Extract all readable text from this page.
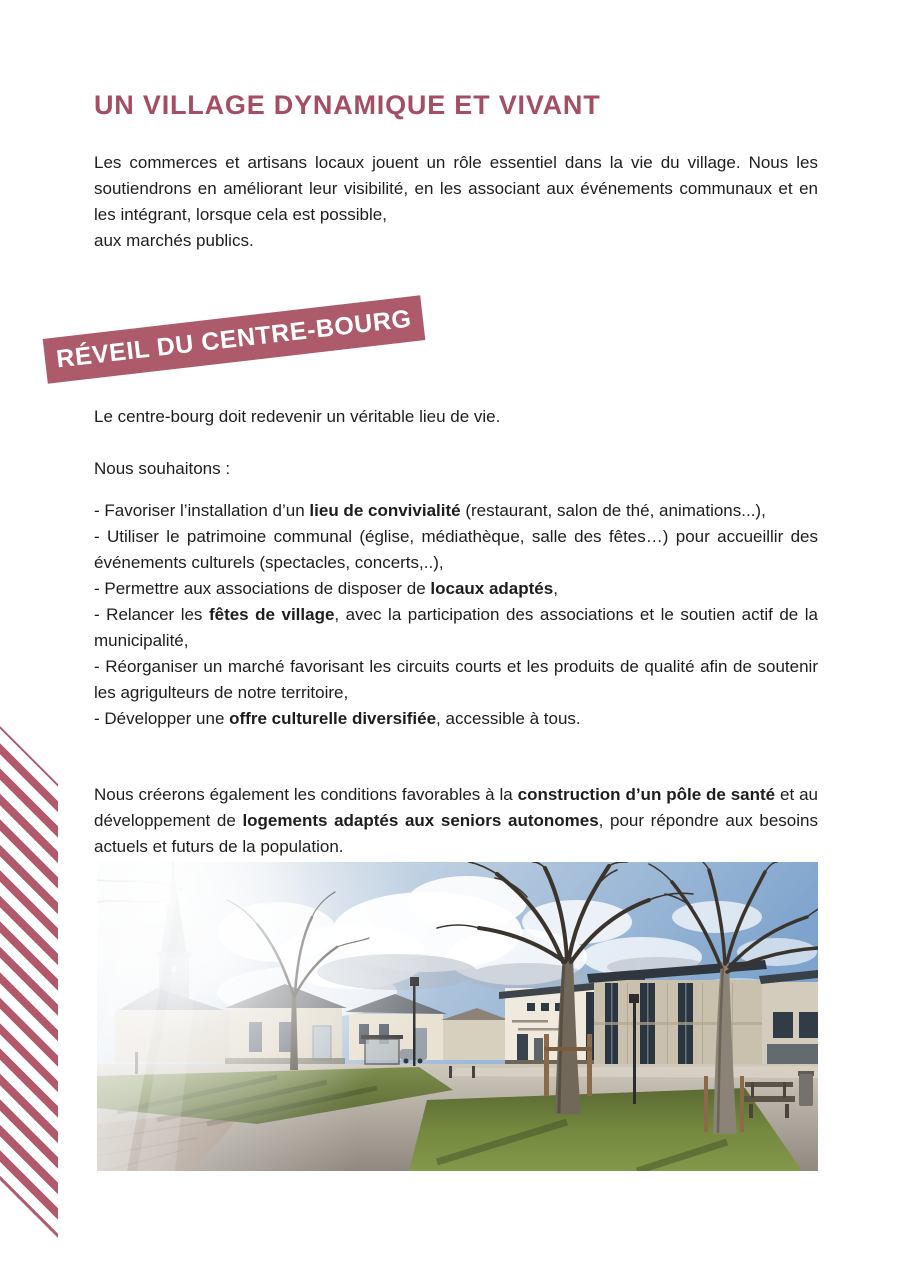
UN VILLAGE DYNAMIQUE ET VIVANT

Les commerces et artisans locaux jouent un rôle essentiel dans la vie du village. Nous les soutiendrons en améliorant leur visibilité, en les associant aux événements communaux et en les intégrant, lorsque cela est possible,
aux marchés publics.

RÉVEIL DU CENTRE-BOURG

Le centre-bourg doit redevenir un véritable lieu de vie.

Nous souhaitons :

- Favoriser l’installation d’un lieu de convivialité (restaurant, salon de thé, animations...),
- Utiliser le patrimoine communal (église, médiathèque, salle des fêtes…) pour accueillir des événements culturels (spectacles, concerts,..),
- Permettre aux associations de disposer de locaux adaptés,
- Relancer les fêtes de village, avec la participation des associations et le soutien actif de la municipalité,
- Réorganiser un marché favorisant les circuits courts et les produits de qualité afin de soutenir les agrigulteurs de notre territoire,
- Développer une offre culturelle diversifiée, accessible à tous.

Nous créerons également les conditions favorables à la construction d’un pôle de santé et au développement de logements adaptés aux seniors autonomes, pour répondre aux besoins actuels et futurs de la population.
